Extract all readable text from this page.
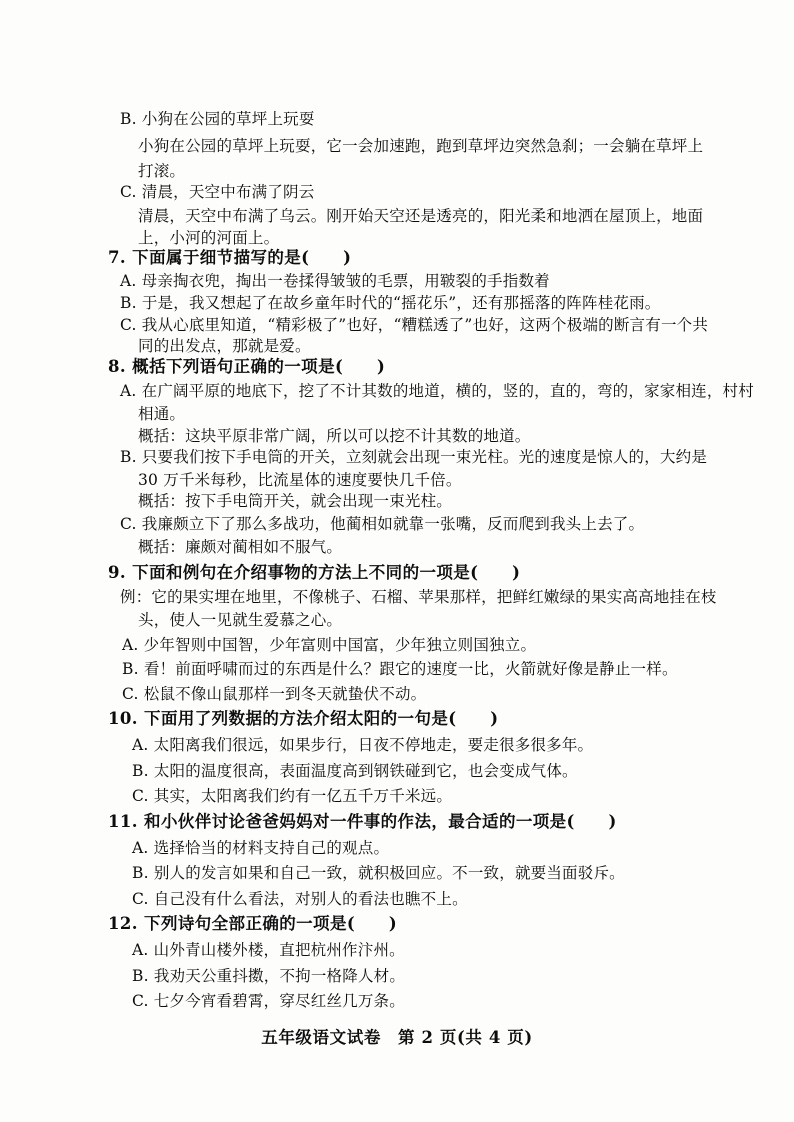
B. 小狗在公园的草坪上玩耍
小狗在公园的草坪上玩耍，它一会加速跑，跑到草坪边突然急刹；一会躺在草坪上
打滚。
C. 清晨，天空中布满了阴云
清晨，天空中布满了乌云。刚开始天空还是透亮的，阳光柔和地洒在屋顶上，地面
上，小河的河面上。
7. 下面属于细节描写的是(　　)
A. 母亲掏衣兜，掏出一卷揉得皱皱的毛票，用皲裂的手指数着
B. 于是，我又想起了在故乡童年时代的“摇花乐”，还有那摇落的阵阵桂花雨。
C. 我从心底里知道，“精彩极了”也好，“糟糕透了”也好，这两个极端的断言有一个共
同的出发点，那就是爱。
8. 概括下列语句正确的一项是(　　)
A. 在广阔平原的地底下，挖了不计其数的地道，横的，竖的，直的，弯的，家家相连，村村
相通。
概括：这块平原非常广阔，所以可以挖不计其数的地道。
B. 只要我们按下手电筒的开关，立刻就会出现一束光柱。光的速度是惊人的，大约是
30 万千米每秒，比流星体的速度要快几千倍。
概括：按下手电筒开关，就会出现一束光柱。
C. 我廉颇立下了那么多战功，他蔺相如就靠一张嘴，反而爬到我头上去了。
概括：廉颇对蔺相如不服气。
9. 下面和例句在介绍事物的方法上不同的一项是(　　)
例：它的果实埋在地里，不像桃子、石榴、苹果那样，把鲜红嫩绿的果实高高地挂在枝
头，使人一见就生爱慕之心。
A. 少年智则中国智，少年富则中国富，少年独立则国独立。
B. 看！前面呼啸而过的东西是什么？跟它的速度一比，火箭就好像是静止一样。
C. 松鼠不像山鼠那样一到冬天就蛰伏不动。
10. 下面用了列数据的方法介绍太阳的一句是(　　)
A. 太阳离我们很远，如果步行，日夜不停地走，要走很多很多年。
B. 太阳的温度很高，表面温度高到钢铁碰到它，也会变成气体。
C. 其实，太阳离我们约有一亿五千万千米远。
11. 和小伙伴讨论爸爸妈妈对一件事的作法，最合适的一项是(　　)
A. 选择恰当的材料支持自己的观点。
B. 别人的发言如果和自己一致，就积极回应。不一致，就要当面驳斥。
C. 自己没有什么看法，对别人的看法也瞧不上。
12. 下列诗句全部正确的一项是(　　)
A. 山外青山楼外楼，直把杭州作汴州。
B. 我劝天公重抖擞，不拘一格降人材。
C. 七夕今宵看碧霄，穿尽红丝几万条。
五年级语文试卷　第 2 页(共 4 页)
